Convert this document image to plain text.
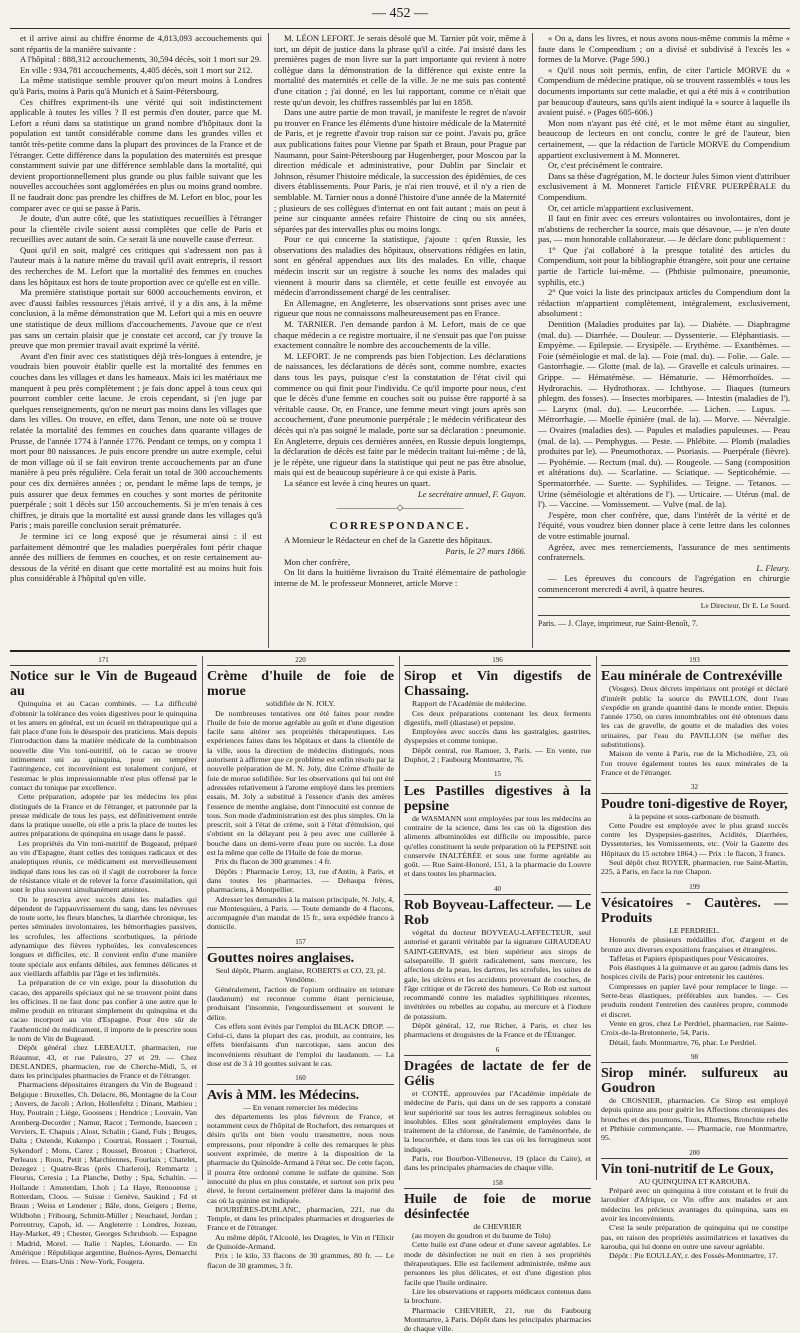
— 452 —

et il arrive ainsi au chiffre énorme de 4,813,093 accouchements qui sont répartis de la manière suivante :

A l'hôpital : 888,312 accouchements, 30,594 décès, soit 1 mort sur 29.

En ville : 934,781 accouchements, 4,405 décès, soit 1 mort sur 212.

La même statistique semble prouver qu'on meurt moins à Londres qu'à Paris, moins à Paris qu'à Munich et à Saint-Pétersbourg.

Ces chiffres expriment-ils une vérité qui soit indistinctement applicable à toutes les villes ? Il est permis d'en douter, parce que M. Lefort a réuni dans sa statistique un grand nombre d'hôpitaux dont la population est tantôt considérable comme dans les grandes villes et tantôt très-petite comme dans la plupart des provinces de la France et de l'étranger. Cette différence dans la population des maternités est presque constamment suivie par une différence semblable dans la mortalité, qui devient proportionnellement plus grande ou plus faible suivant que les nouvelles accouchées sont agglomérées en plus ou moins grand nombre. Il ne faudrait donc pas prendre les chiffres de M. Lefort en bloc, pour les comparer avec ce qui se passe à Paris.

Je doute, d'un autre côté, que les statistiques recueillies à l'étranger pour la clientèle civile soient aussi complètes que celle de Paris et recueillies avec autant de soin. Ce serait là une nouvelle cause d'erreur.

Quoi qu'il en soit, malgré ces critiques qui s'adressent non pas à l'auteur mais à la nature même du travail qu'il avait entrepris, il ressort des recherches de M. Lefort que la mortalité des femmes en couches dans les hôpitaux est hors de toute proportion avec ce qu'elle est en ville.

Ma première statistique portait sur 6000 accouchements environ, et avec d'aussi faibles ressources j'étais arrivé, il y a dix ans, à la même conclusion, à la même démonstration que M. Lefort qui a mis en oeuvre une statistique de deux millions d'accouchements. J'avoue que ce n'est pas sans un certain plaisir que je constate cet accord, car j'y trouve la preuve que mon premier travail avait exprimé la vérité.

Avant d'en finir avec ces statistiques déjà très-longues à entendre, je voudrais bien pouvoir établir quelle est la mortalité des femmes en couches dans les villages et dans les hameaux. Mais ici les matériaux me manquent à peu près complètement ; je fais donc appel à tous ceux qui pourront combler cette lacune. Je crois cependant, si j'en juge par quelques renseignements, qu'on ne meurt pas moins dans les villages que dans les villes. On trouve, en effet, dans Tenon, une note où se trouve relatée la mortalité des femmes en couches dans quarante villages de Prusse, de l'année 1774 à l'année 1776. Pendant ce temps, on y compta 1 mort pour 80 naissances. Je puis encore prendre un autre exemple, celui de mon village où il se fait environ trente accouchements par an d'une manière à peu près régulière. Cela ferait un total de 300 accouchements pour ces dix dernières années ; or, pendant le même laps de temps, je puis assurer que deux femmes en couches y sont mortes de péritonite puerpérale ; soit 1 décès sur 150 accouchements. Si je m'en tenais à ces chiffres, je dirais que la mortalité est aussi grande dans les villages qu'à Paris ; mais pareille conclusion serait prématurée.

Je termine ici ce long exposé que je résumerai ainsi : il est parfaitement démontré que les maladies puerpérales font périr chaque année des milliers de femmes en couches, et on reste certainement au-dessous de la vérité en disant que cette mortalité est au moins huit fois plus considérable à l'hôpital qu'en ville.

M. LÉON LEFORT. Je serais désolé que M. Tarnier pût voir, même à tort, un dépit de justice dans la phrase qu'il a citée. J'ai insisté dans les premières pages de mon livre sur la part importante qui revient à notre collègue dans la démonstration de la différence qui existe entre la mortalité des maternités et celle de la ville. Je ne me suis pas contenté d'une citation ; j'ai donné, en les lui rapportant, comme ce n'était que reste qu'un devoir, les chiffres rassemblés par lui en 1858.

Dans une autre partie de mon travail, je manifeste le regret de n'avoir pu trouver en France les éléments d'une histoire médicale de la Maternité de Paris, et je regrette d'avoir trop raison sur ce point. J'avais pu, grâce aux publications faites pour Vienne par Spath et Braun, pour Prague par Naumann, pour Saint-Pétersbourg par Hugenberger, pour Moscou par la direction médicale et administrative, pour Dublin par Sinclair et Johnson, résumer l'histoire médicale, la succession des épidémies, de ces divers établissements. Pour Paris, je n'ai rien trouvé, et il n'y a rien de semblable. M. Tarnier nous a donné l'histoire d'une année de la Maternité ; plusieurs de ses collègues d'internat en ont fait autant ; mais on peut à peine sur cinquante années refaire l'histoire de cinq ou six années, séparées par des intervalles plus ou moins longs.

Pour ce qui concerne la statistique, j'ajoute : qu'en Russie, les observations des maladies des hôpitaux, observations rédigées en latin, sont en général appendues aux lits des malades. En ville, chaque médecin inscrit sur un registre à souche les noms des malades qui viennent à mourir dans sa clientèle, et cette feuille est envoyée au médecin d'arrondissement chargé de les centraliser.

En Allemagne, en Angleterre, les observations sont prises avec une rigueur que nous ne connaissons malheureusement pas en France.

M. TARNIER. J'en demande pardon à M. Lefort, mais de ce que chaque médecin a ce registre mortuaire, il ne s'ensuit pas que l'on puisse exactement connaître le nombre des accouchements de la ville.

M. LEFORT. Je ne comprends pas bien l'objection. Les déclarations de naissances, les déclarations de décès sont, comme nombre, exactes dans tous les pays, puisque c'est la constatation de l'état civil qui commence ou qui finit pour l'individu. Ce qu'il importe pour nous, c'est que le décès d'une femme en couches soit ou puisse être rapporté à sa véritable cause. Or, en France, une femme meurt vingt jours après son accouchement, d'une pneumonie puerpérale ; le médecin vérificateur des décès qui n'a pas soigné le malade, porte sur sa déclaration : pneumonie. En Angleterre, depuis ces dernières années, en Russie depuis longtemps, la déclaration de décès est faite par le médecin traitant lui-même ; de là, je le répète, une rigueur dans la statistique qui peut ne pas être absolue, mais qui est de beaucoup supérieure à ce qui existe à Paris.

La séance est levée à cinq heures un quart.

Le secrétaire annuel, F. Guyon.

———————◇———————
CORRESPONDANCE.

A Monsieur le Rédacteur en chef de la Gazette des hôpitaux.

Paris, le 27 mars 1866.

Mon cher confrère,

On lit dans la huitième livraison du Traité élémentaire de pathologie interne de M. le professeur Monneret, article Morve :

« On a, dans les livres, et nous avons nous-même commis la même « faute dans le Compendium ; on a divisé et subdivisé à l'excès les « formes de la Morve. (Page 590.)

« Qu'il nous soit permis, enfin, de citer l'article MORVE du « Compendium de médecine pratique, où se trouvent rassemblés « tous les documents importants sur cette maladie, et qui a été mis à « contribution par beaucoup d'auteurs, sans qu'ils aient indiqué la « source à laquelle ils avaient puisé. » (Pages 605-606.)

Mon nom n'ayant pas été cité, et le mot même étant au singulier, beaucoup de lecteurs en ont conclu, contre le gré de l'auteur, bien certainement, — que la rédaction de l'article MORVE du Compendium appartient exclusivement à M. Monneret.

Or, c'est précisément le contraire.

Dans sa thèse d'agrégation, M. le docteur Jules Simon vient d'attribuer exclusivement à M. Monneret l'article FIÈVRE PUERPÉRALE du Compendium.

Or, cet article m'appartient exclusivement.

Il faut en finir avec ces erreurs volontaires ou involontaires, dont je m'abstiens de rechercher la source, mais que désavoue, — je n'en doute pas, — mon honorable collaborateur. — Je déclare donc publiquement :

1° Que j'ai collaboré à la presque totalité des articles du Compendium, soit pour la bibliographie étrangère, soit pour une certaine partie de l'article lui-même. — (Phthisie pulmonaire, pneumonie, syphilis, etc.)

2° Que voici la liste des principaux articles du Compendium dont la rédaction m'appartient complètement, intégralement, exclusivement, absolument :

Dentition (Maladies produites par la). — Diabète. — Diaphragme (mal. du). — Diarrhée. — Douleur. — Dyssenterie. — Eléphantiasis. — Empyème. — Epilepsie. — Erysipèle. — Erythème. — Exanthèmes. — Foie (séméiologie et mal. de la). — Foie (mal. du). — Folie. — Gale. — Gastorrhagie. — Glotte (mal. de la). — Gravelle et calculs urinaires. — Grippe. — Hématémèse. — Hématurie. — Hémorrhoïdes. — Hydrorachis. — Hydrothorax. — Ichthyose. — Iliaques (tumeurs phlegm. des fosses). — Insectes morbipares. — Intestin (maladies de l'). — Larynx (mal. du). — Leucorrhée. — Lichen. — Lupus. — Métrorrhagie. — Moelle épinière (mal. de la). — Morve. — Névralgie. — Ovaires (maladies des). — Papules et maladies papuleuses. — Peau (mal. de la). — Pemphygus. — Peste. — Phlébite. — Plomb (maladies produites par le). — Pneumothorax. — Psoriasis. — Puerpérale (fièvre). — Pyohémie. — Rectum (mal. du). — Rougeole. — Sang (composition et altérations du). — Scarlatine. — Sciatique. — Septicohémie. — Spermatorrhée. — Suette. — Syphilides. — Teigne. — Tetanos. — Urine (séméiologie et altérations de l'). — Urticaire. — Utérus (mal. de l'). — Vaccine. — Vomissement. — Vulve (mal. de la).

J'espère, mon cher confrère, que, dans l'intérêt de la vérité et de l'équité, vous voudrez bien donner place à cette lettre dans les colonnes de votre estimable journal.

Agréez, avec mes remerciements, l'assurance de mes sentiments confraternels.

L. Fleury.

— Les épreuves du concours de l'agrégation en chirurgie commenceront mercredi 4 avril, à quatre heures.

Le Directeur, Dr E. Le Sourd.
Paris. — J. Claye, imprimeur, rue Saint-Benoît, 7.
171
Notice sur le Vin de Bugeaud au

Quinquina et au Cacao combinés. — La difficulté d'obtenir la tolérance des voies digestives pour le quinquina et les amers en général, est un écueil en thérapeutique qui a fait place d'une fois le désespoir des praticiens. Mais depuis l'introduction dans la matière médicale de la combinaison nouvelle dite Vin toni-nutritif, où le cacao se trouve intimement uni au quinquina, pour en tempérer l'astringence, cet inconvénient est totalement conjuré, et l'estomac le plus impressionnable n'est plus offensé par le contact du tonique par excellence.

Cette préparation, adoptée par les médecins les plus distingués de la France et de l'étranger, et patronnée par la presse médicale de tous les pays, est définitivement entrée dans la pratique usuelle, où elle a pris la place de toutes les autres préparations de quinquina en usage dans le passé.

Les propriétés du Vin toni-nutritif de Bugeaud, préparé au vin d'Espagne, étant celles des toniques radicaux et des analeptiques réunis, ce médicament est merveilleusement indiqué dans tous les cas où il s'agit de corroborer la force de résistance vitale et de relever la force d'assimilation, qui sont le plus souvent simultanément atteintes.

On le prescrira avec succès dans les maladies qui dépendent de l'appauvrissement du sang, dans les névroses de toute sorte, les fleurs blanches, la diarrhée chronique, les pertes séminales involontaires, les hémorrhagies passives, les scrofules, les affections scorbutiques, la période adynamique des fièvres typhoïdes, les convalescences longues et difficiles, etc. Il convient enfin d'une manière toute spéciale aux enfants débiles, aux femmes délicates et aux vieillards affaiblis par l'âge et les infirmités.

La préparation de ce vin exige, pour la dissolution du cacao, des appareils spéciaux qui ne se trouvent point dans les officines. Il ne faut donc pas confier à une autre que le même produit en triturant simplement du quinquina et du cacao incorporé au vin d'Espagne. Pour être sûr de l'authenticité du médicament, il importe de le prescrire sous le nom de Vin de Bugeaud.

Dépôt général chez LEBEAULT, pharmacien, rue Réaumur, 43, et rue Palestro, 27 et 29. — Chez DESLANDES, pharmacien, rue de Cherche-Midi, 5, et dans les principales pharmacies de France et de l'étranger.

Pharmaciens dépositaires étrangers du Vin de Bugeaud : Belgique : Bruxelles, Ch. Delacre, 86, Montagne de la Cour ; Anvers, de Jacoli ; Arlon, Hollenfeltz ; Dinant, Mathieu ; Huy, Poutrain ; Liége, Goossens ; Hendrice ; Louvain, Van Arenberg-Decorder ; Namur, Racot ; Termonde, Isaeceen ; Verviers, E. Chapuis ; Alost, Schalin ; Gand, Fuls ; Bruges, Dalta ; Ostende, Kukenpo ; Courtrai, Rossaert ; Tournai, Sykendorf ; Mons, Carez ; Roussel, Broston ; Charleroi, Perleaux ; Roux, Petit ; Marchiennes, Fourlaix ; Chatelet, Dezegez ; Quatre-Bras (près Charleroi), Remmartz ; Fleurus, Ceresia ; La Planche, Dethy ; Spa, Schaltin. — Hollande : Amsterdam, Lhoh ; La Haye, Renooense ; Rotterdam, Cloos. — Suisse : Genève, Saukind ; Fd et Braun ; Weiss et Lendener ; Bâle, dons, Geigers ; Berne, Wildbohn ; Fribourg, Schmitt-Müller ; Neuchatel, Jordan ; Porrentruy, Capoh, id. — Angleterre : Londres, Jozeau, Hay-Market, 49 ; Chester, Georges Schrubsob. — Espagne : Madrid, Morel. — Italie : Naples, Léonardo. — En Amérique : République argentine, Buénos-Ayres, Demarchi frères. — Etats-Unis : New-York, Fougera.

220
Crème d'huile de foie de morue
solidifiée de N. JOLY.

De nombreuses tentatives ont été faites pour rendre l'huile de foie de morue agréable au goût et d'une digestion facile sans altérer ses propriétés thérapeutiques. Les expériences faites dans les hôpitaux et dans la clientèle de la ville, sous la direction de médecins distingués, nous autorisent à affirmer que ce problème est enfin résolu par la nouvelle préparation de M. N. Joly, dite Crème d'huile de foie de morue solidifiée. Sur les observations qui lui ont été adressées relativement à l'arome employé dans les premiers essais, M. Joly a substitué à l'essence d'anis des amères l'essence de menthe anglaise, dont l'innocuité est connue de tous. Son mode d'administration est des plus simples. On la prescrit, soit à l'état de crème, soit à l'état d'émulsion, qui s'obtient en la délayant peu à peu avec une cuillerée à bouche dans un demi-verre d'eau pure ou sucrée. La dose est la même que celle de l'Huile de foie de morue.

Prix du flacon de 300 grammes : 4 fr.

Dépôts : Pharmacie Leroy, 13, rue d'Antin, à Paris, et dans toutes les pharmacies. — Dehaupa frères, pharmaciens, à Montpellier.

Adresser les demandes à la maison principale, N. Joly, 4, rue Montesquieu, à Paris. — Toute demande de 4 flacons, accompagnée d'un mandat de 15 fr., sera expédiée franco à domicile.

157
Gouttes noires anglaises.
Seul dépôt, Pharm. anglaise, ROBERTS et CO, 23, pl. Vendôme.

Généralement, l'action de l'opium ordinaire en teinture (laudanum) est reconnue comme étant pernicieuse, produisant l'insomnie, l'engourdissement et souvent le délire.

Ces effets sont évités par l'emploi du BLACK DROP. — Celui-ci, dans la plupart des cas, produit, au contraire, les effets bienfaisants d'un narcotique, sans aucun des inconvénients résultant de l'emploi du laudanum. — La dose est de 3 à 10 gouttes suivant le cas.

160
Avis à MM. les Médecins.
— En venant remercier les médecins

des départements les plus fiévreux de France, et notamment ceux de l'hôpital de Rochefort, des remarques et désirs qu'ils ont bien voulu transmettre, nous nous empressons, pour répondre à celle des remarques le plus souvent exprimée, de mettre à la disposition de la pharmacie du Quinoïde-Armand à l'état sec. De cette façon, il pourra être ordonné comme le sulfate de quinine. Son innocuité du plus en plus constatée, et surtout son prix peu élevé, le feront certainement préférer dans la majorité des cas où la quinine est indiquée.

BOURIÈRES-DUBLANC, pharmacien, 221, rue du Temple, et dans les principales pharmacies et drogueries de France et de l'étranger.

Au même dépôt, l'Alcoolé, les Dragées, le Vin et l'Elixir de Quinoïde-Armand.

Prix : le kilo, 33 flacons de 30 grammes, 80 fr. — Le flacon de 30 grammes, 3 fr.

196
Sirop et Vin digestifs de Chassaing.

Rapport de l'Académie de médecine.

Ces deux préparations contenant les deux ferments digestifs, mell (diastase) et pepsine.

Employées avec succès dans les gastralgies, gastrites, dyspepsies et comme tonique.

Dépôt central, rue Ramuer, 3, Paris. — En vente, rue Duphot, 2 ; Faubourg Montmartre, 76.

15
Les Pastilles digestives à la pepsine

de WASMANN sont employées par tous les médecins au contraire de la science, dans les cas où la digestion des aliments albuminoïdes est difficile ou impossible, parce qu'elles constituent la seule préparation où la PEPSINE soit conservée INALTÉRÉE et sous une forme agréable au goût. — Rue Saint-Honoré, 151, à la pharmacie du Louvre et dans toutes les pharmacies.

40
Rob Boyveau-Laffecteur. — Le Rob

végétal du docteur BOYVEAU-LAFFECTEUR, seul autorisé et garanti véritable par la signature GIRAUDEAU SAINT-GERVAIS, est bien supérieur aux sirops de salsepareille. Il guérit radicalement, sans mercure, les affections de la peau, les dartres, les scrofules, les suites de gale, les ulcères et les accidents provenant de couches, de l'âge critique et de l'âcreté des humeurs. Ce Rob est surtout recommandé contre les maladies syphilitiques récentes, invétérées ou rebelles au copahu, au mercure et à l'iodure de potassium.

Dépôt général, 12, rue Richer, à Paris, et chez les pharmaciens et droguistes de la France et de l'Étranger.

6
Dragées de lactate de fer de Gélis

et CONTÉ, approuvées par l'Académie impériale de médecine de Paris, qui dans un de ses rapports a constaté leur supériorité sur tous les autres ferrugineux solubles ou insolubles. Elles sont généralement employées dans le traitement de la chlorose, de l'anémie, de l'aménorrhée, de la leucorrhée, et dans tous les cas où les ferrugineux sont indiqués.

Paris, rue Bourbon-Villeneuve, 19 (place du Caire), et dans les principales pharmacies de chaque ville.

158
Huile de foie de morue désinfectée
de CHEVRIER

(au moyen du goudron et du baume de Tolu)

Cette huile est d'une odeur et d'une saveur agréables. Le mode de désinfection ne nuit en rien à ses propriétés thérapeutiques. Elle est facilement administrée, même aux personnes les plus délicates, et est d'une digestion plus facile que l'huile ordinaire.

Lire les observations et rapports médicaux contenus dans la brochure.

Pharmacie CHEVRIER, 21, rue du Faubourg Montmartre, à Paris. Dépôt dans les principales pharmacies de chaque ville.

193
Eau minérale de Contrexéville

(Vosges). Deux décrets impériaux ont protégé et déclaré d'intérêt public la source du PAVILLON, dont l'eau s'expédie en grande quantité dans le monde entier. Depuis l'année 1750, on cures innombrables ont été obtenues dans les cas de gravelle, de goutte et de maladies des voies urinaires, par l'eau du PAVILLON (se méfier des substitutions).

Maison de vente à Paris, rue de la Michodière, 23, où l'on trouve également toutes les eaux minérales de la France et de l'étranger.

32
Poudre toni-digestive de Royer,
à la pepsine et sous-carbonate de bismuth.

Cette Poudre est employée avec le plus grand succès contre les Dyspepsies-gastrites, Acidités, Diarrhées, Dyssenteries, les Vomissements, etc. (Voir la Gazette des Hôpitaux du 15 octobre 1864.) — Prix : le flacon, 3 francs.

Seul dépôt chez ROYER, pharmacien, rue Saint-Martin, 225, à Paris, en face la rue Chapon.

199
Vésicatoires - Cautères. — Produits
LE PERDRIEL.

Honorés de plusieurs médailles d'or, d'argent et de bronze aux diverses expositions françaises et étrangères.

Taffetas et Papiers épispastiques pour Vésicatoires.

Pois élastiques à la guimauve et au garou (admis dans les hospices civils de Paris) pour entretenir les cautères.

Compresses en papier lavé pour remplacer le linge. — Serre-bras élastiques, préférables aux bandes. — Ces produits rendent l'entretien des cautères propre, commode et discret.

Vente en gros, chez Le Perdriel, pharmacien, rue Sainte-Croix-de-la-Bretonnerie, 54, Paris.

Détail, faub. Montmartre, 76, phar. Le Perdriel.

98
Sirop minér. sulfureux au Goudron

de CROSNIER, pharmacien. Ce Sirop est employé depuis quinze ans pour guérir les Affections chroniques des bronches et des poumons, Toux, Rhumes, Bronchite rebelle et Phthisie commençante. — Pharmacie, rue Montmartre, 95.

200
Vin toni-nutritif de Le Goux,
AU QUINQUINA ET KAROUBA.

Préparé avec un quinquina à titre constant et le fruit du laroubier d'Afrique, ce Vin offre aux malades et aux médecins les précieux avantages du quinquina, sans en avoir les inconvénients.

C'est la seule préparation de quinquina qui ne constipe pas, en raison des propriétés assimilatrices et laxatives du karouba, qui lui donne en outre une saveur agréable.

Dépôt : Pie EOULLAY, r. des Fossés-Montmartre, 17.
